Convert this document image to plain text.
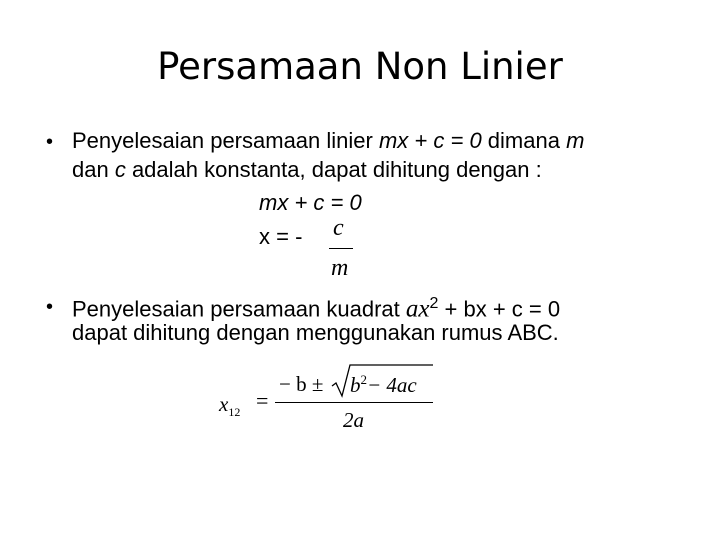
Persamaan Non Linier
• Penyelesaian persamaan linier mx + c = 0 dimana m
dan c adalah konstanta, dapat dihitung dengan :
mx + c = 0
x = - c
m
• Penyelesaian persamaan kuadrat $ax^2$ + bx + c = 0
dapat dihitung dengan menggunakan rumus ABC.
$x_{12}$ =
− $b \pm b^2- 4ac$
2a
